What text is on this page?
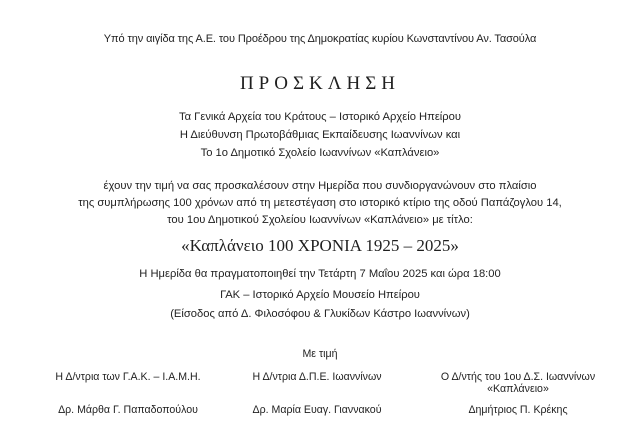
Υπό την αιγίδα της Α.Ε. του Προέδρου της Δημοκρατίας κυρίου Κωνσταντίνου Αν. Τασούλα
ΠΡΟΣΚΛΗΣΗ
Τα Γενικά Αρχεία του Κράτους – Ιστορικό Αρχείο Ηπείρου
Η Διεύθυνση Πρωτοβάθμιας Εκπαίδευσης Ιωαννίνων και
Το 1ο Δημοτικό Σχολείο Ιωαννίνων «Καπλάνειο»
έχουν την τιμή να σας προσκαλέσουν στην Ημερίδα που συνδιοργανώνουν στο πλαίσιο
της συμπλήρωσης 100 χρόνων από τη μετεστέγαση στο ιστορικό κτίριο της οδού Παπάζογλου 14,
του 1ου Δημοτικού Σχολείου Ιωαννίνων «Καπλάνειο» με τίτλο:
«Καπλάνειο 100 ΧΡΟΝΙΑ 1925 – 2025»
Η Ημερίδα θα πραγματοποιηθεί την Τετάρτη 7 Μαΐου 2025 και ώρα 18:00
ΓΑΚ – Ιστορικό Αρχείο Μουσείο Ηπείρου
(Είσοδος από Δ. Φιλοσόφου & Γλυκίδων Κάστρο Ιωαννίνων)
Με τιμή
Η Δ/ντρια των Γ.Α.Κ. – Ι.Α.Μ.Η.
Δρ. Μάρθα Γ. Παπαδοπούλου
Η Δ/ντρια Δ.Π.Ε. Ιωαννίνων
Δρ. Μαρία Ευαγ. Γιαννακού
Ο Δ/ντής του 1ου Δ.Σ. Ιωαννίνων
«Καπλάνειο»
Δημήτριος Π. Κρέκης
